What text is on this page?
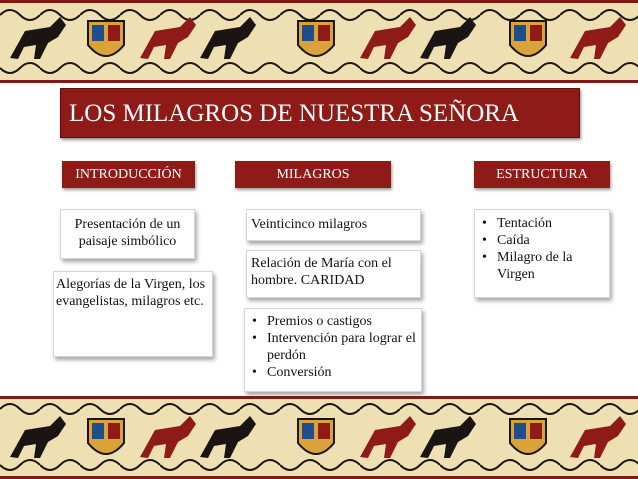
LOS MILAGROS DE NUESTRA SEÑORA
INTRODUCCIÓN	MILAGROS	ESTRUCTURA
Presentación de un paisaje simbólico
Alegorías de la Virgen, los evangelistas, milagros etc.
Veinticinco milagros
Relación de María con el hombre. CARIDAD
• Premios o castigos
• Intervención para lograr el perdón
• Conversión
• Tentación
• Caída
• Milagro de la Virgen
